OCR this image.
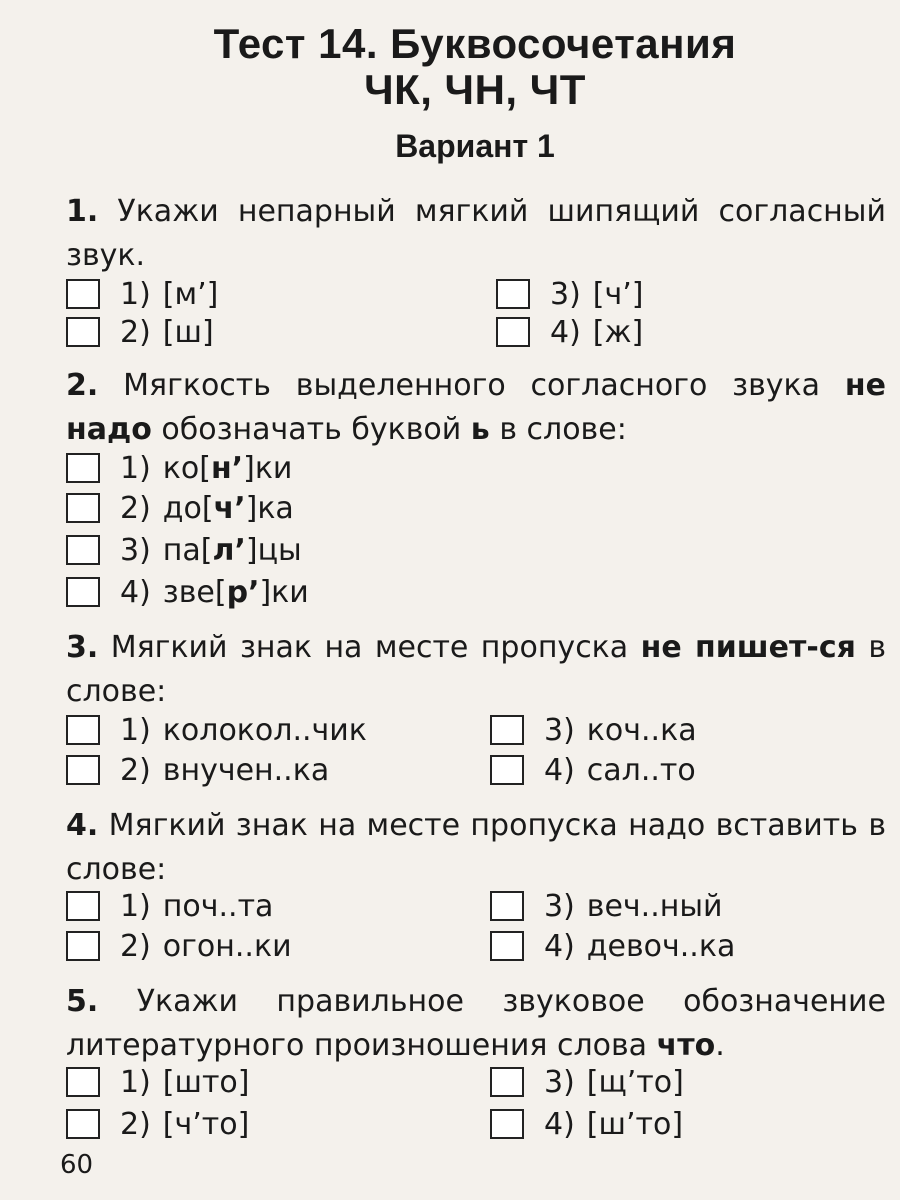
Тест 14. Буквосочетания
ЧК, ЧН, ЧТ
Вариант 1
1. Укажи непарный мягкий шипящий согласный звук.
1) [м’]
2) [ш]
3) [ч’]
4) [ж]
2. Мягкость выделенного согласного звука не надо обозначать буквой ь в слове:
1) ко[ н’ ]ки
2) до[ ч’ ]ка
3) па[ л’ ]цы
4) зве[ р’ ]ки
3. Мягкий знак на месте пропуска не пишет-ся в слове:
1) колокол..чик
2) внучен..ка
3) коч..ка
4) сал..то
4. Мягкий знак на месте пропуска надо вставить в слове:
1) поч..та
2) огон..ки
3) веч..ный
4) девоч..ка
5. Укажи правильное звуковое обозначение литературного произношения слова что.
1) [што]
2) [ч’то]
3) [щ’то]
4) [ш’то]
60
